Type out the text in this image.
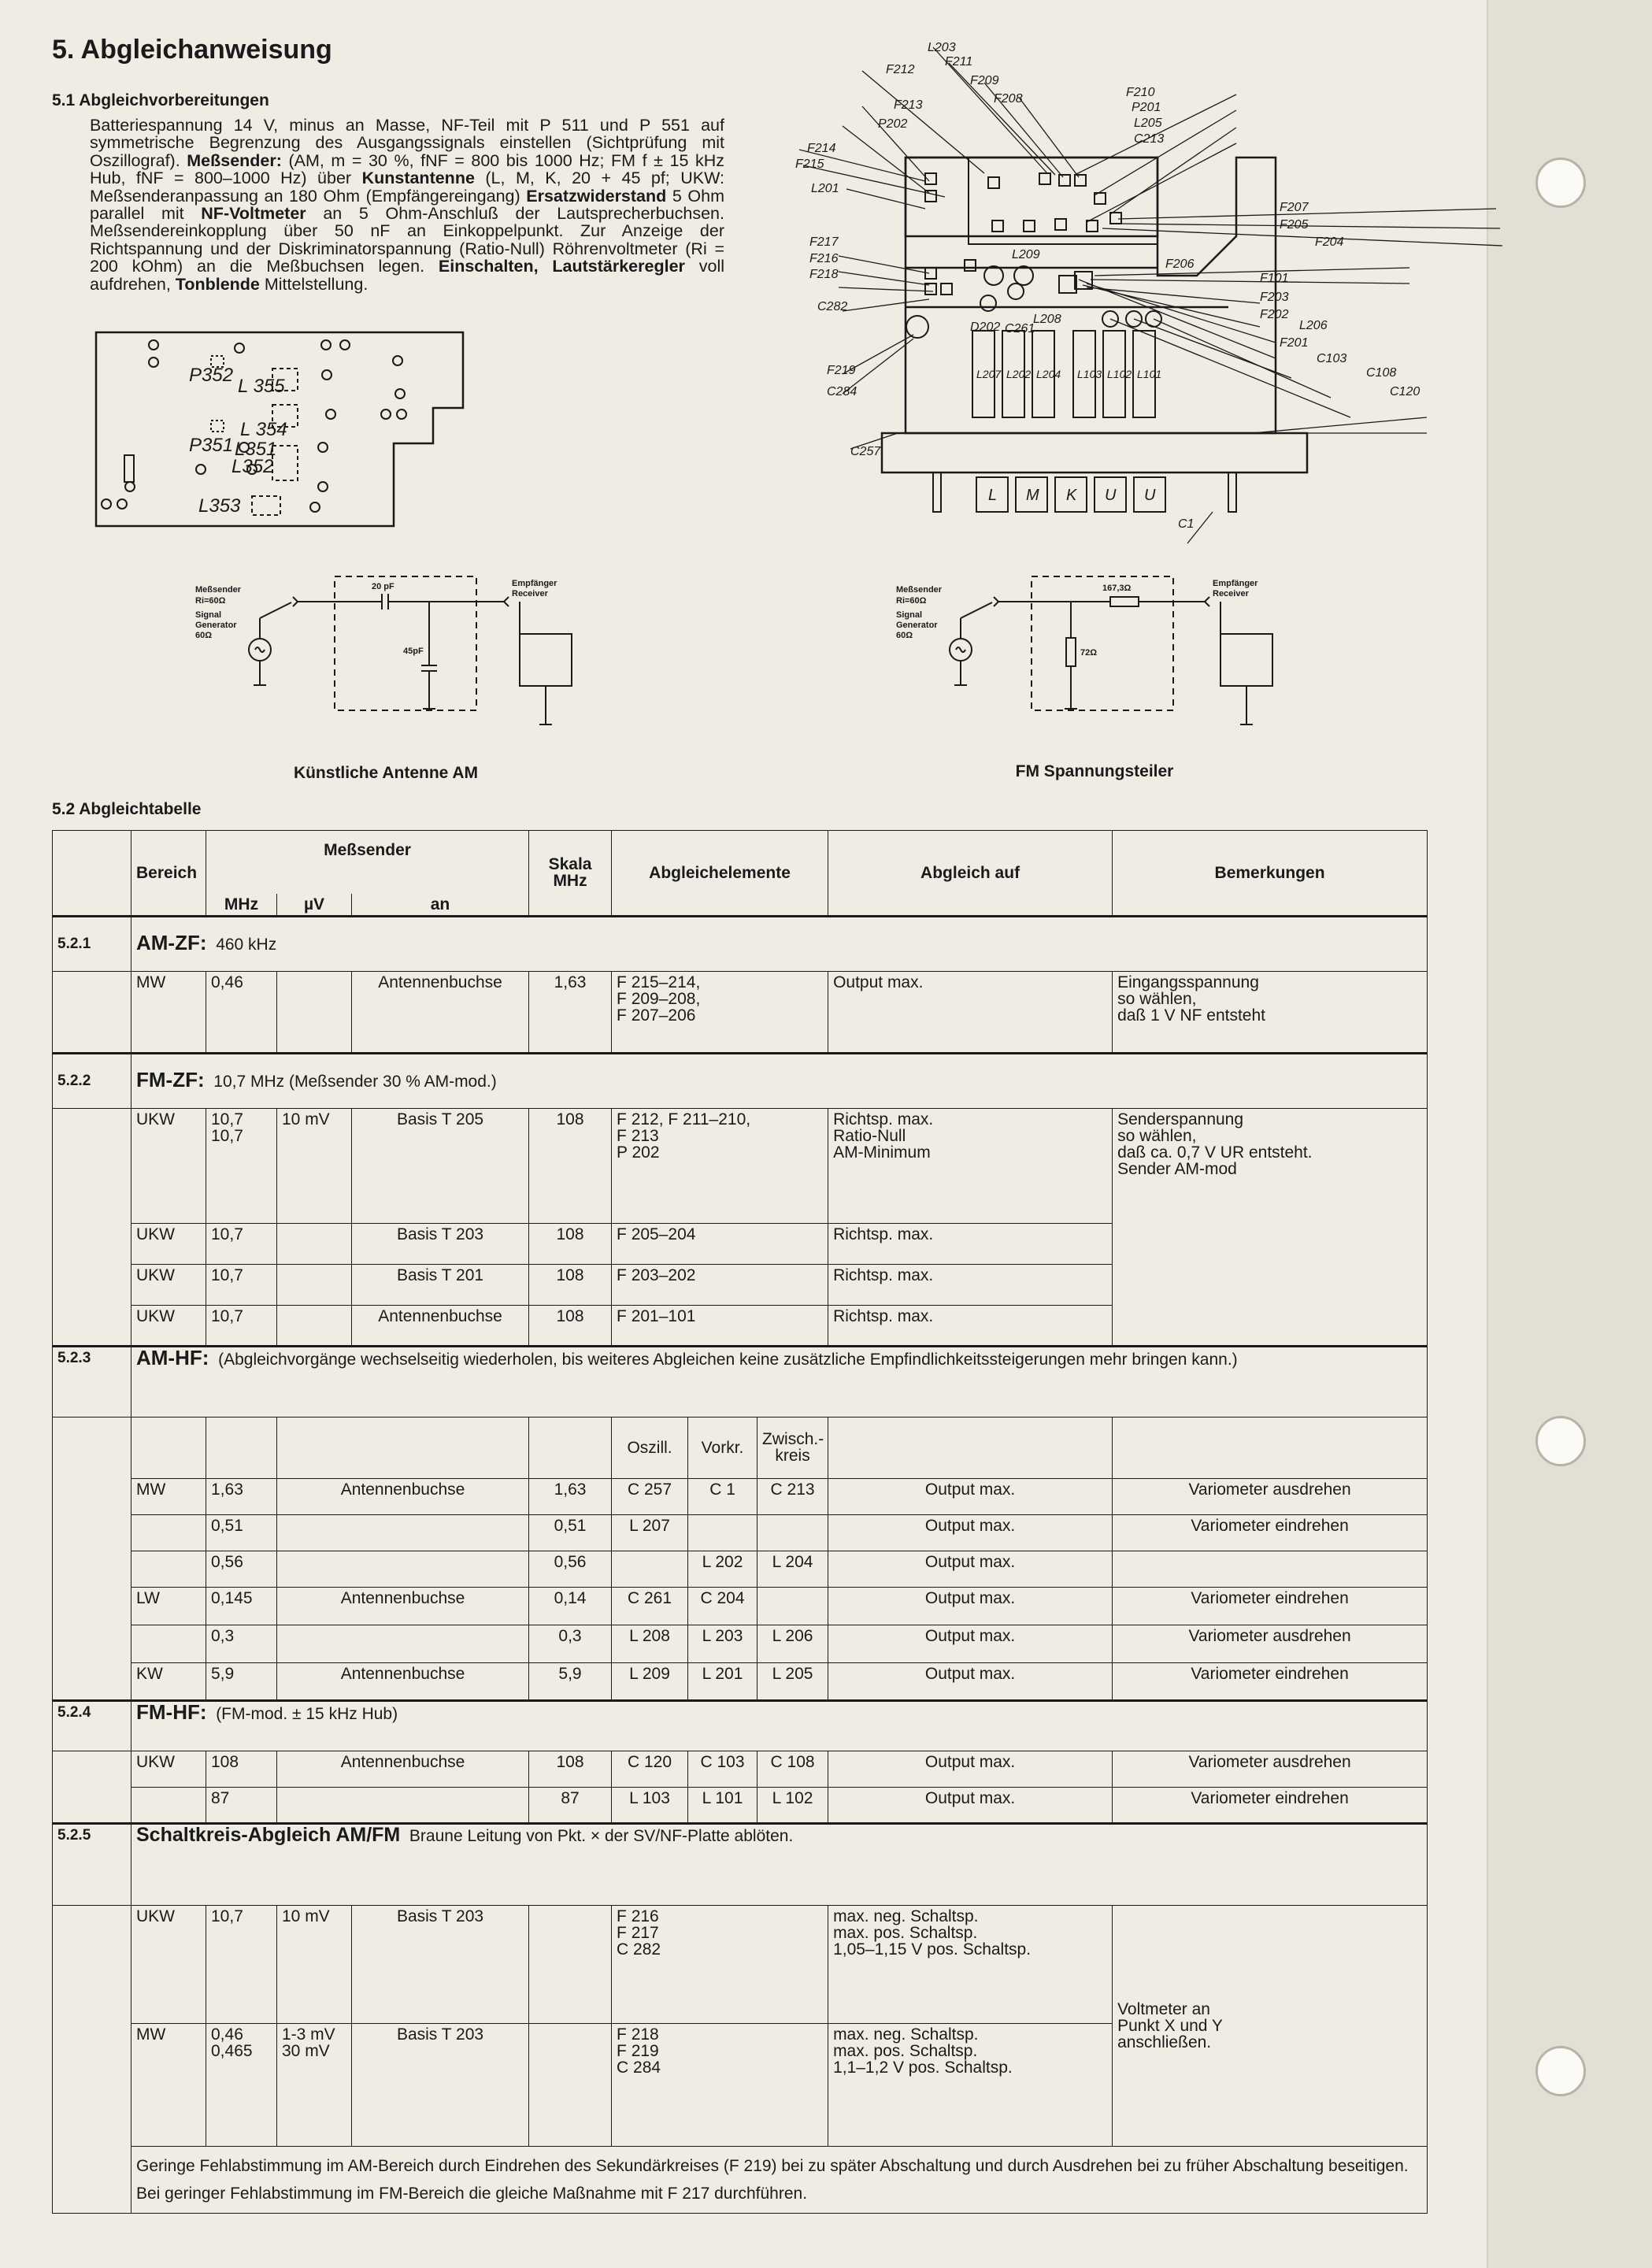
5. Abgleichanweisung

5.1 Abgleichvorbereitungen

Batteriespannung 14 V, minus an Masse, NF-Teil mit P 511 und P 551 auf symmetrische Begrenzung des Ausgangssignals einstellen (Sichtprüfung mit Oszillograf). Meßsender: (AM, m = 30 %, fNF = 800 bis 1000 Hz; FM f ± 15 kHz Hub, fNF = 800–1000 Hz) über Kunstantenne (L, M, K, 20 + 45 pf; UKW: Meßsenderanpassung an 180 Ohm (Empfängereingang) Ersatzwiderstand 5 Ohm parallel mit NF-Voltmeter an 5 Ohm-Anschluß der Lautsprecherbuchsen. Meßsendereinkopplung über 50 nF an Einkoppelpunkt. Zur Anzeige der Richtspannung und der Diskriminatorspannung (Ratio-Null) Röhrenvoltmeter (Ri = 200 kOhm) an die Meßbuchsen legen. Einschalten, Lautstärkeregler voll aufdrehen, Tonblende Mittelstellung.

P352
L 355
L 354
P351 L351
L352
L353
F212
F213
P202
F214
F215
L201
F217
F216
F218
C282
F219
C284
C257
L203
F211
F209
F208	F210
P201
L205
C213
F207
F205
F204
F206
F101
F203
F202
L206
F201
C103
C108
C120
L209
D202 C261
L208
L207 L202 L204 L103 L102 L101
L M K U U
C1
Meßsender
Ri=60Ω
Signal
Generator
60Ω
20 pF
45pF
Empfänger
Receiver
Künstliche Antenne AM
Meßsender
Ri=60Ω
Signal
Generator
60Ω
167,3Ω
72Ω
Empfänger
Receiver
FM Spannungsteiler

5.2 Abgleichtabelle

	Bereich	Meßsender			Skala MHz	Abgleichelemente			Abgleich auf	Bemerkungen
		MHz	µV	an						
5.2.1	AM-ZF: 460 kHz									
	MW	0,46		Antennenbuchse	1,63	F 215–214,
F 209–208,
F 207–206			Output max.	Eingangsspannung
so wählen,
daß 1 V NF entsteht
5.2.2	FM-ZF: 10,7 MHz (Meßsender 30 % AM-mod.)									
	UKW	10,7
10,7	10 mV	Basis T 205	108	F 212, F 211–210,
F 213
P 202			Richtsp. max.
Ratio-Null
AM-Minimum	Senderspannung
so wählen,
daß ca. 0,7 V UR entsteht.
Sender AM-mod
	UKW	10,7		Basis T 203	108	F 205–204			Richtsp. max.	
	UKW	10,7		Basis T 201	108	F 203–202			Richtsp. max.	
	UKW	10,7		Antennenbuchse	108	F 201–101			Richtsp. max.	
5.2.3	AM-HF: (Abgleichvorgänge wechselseitig wiederholen, bis weiteres Abgleichen keine zusätzliche Empfindlichkeitssteigerungen mehr bringen kann.)									
						Oszill.	Vorkr.	Zwisch.-
kreis		
	MW	1,63	Antennenbuchse		1,63	C 257	C 1	C 213	Output max.	Variometer ausdrehen
		0,51			0,51	L 207			Output max.	Variometer eindrehen
		0,56			0,56		L 202	L 204	Output max.	
	LW	0,145	Antennenbuchse		0,14	C 261	C 204		Output max.	Variometer eindrehen
		0,3			0,3	L 208	L 203	L 206	Output max.	Variometer ausdrehen
	KW	5,9	Antennenbuchse		5,9	L 209	L 201	L 205	Output max.	Variometer eindrehen
5.2.4	FM-HF: (FM-mod. ± 15 kHz Hub)									
	UKW	108	Antennenbuchse		108	C 120	C 103	C 108	Output max.	Variometer ausdrehen
		87			87	L 103	L 101	L 102	Output max.	Variometer eindrehen
5.2.5	Schaltkreis-Abgleich AM/FM Braune Leitung von Pkt. × der SV/NF-Platte ablöten.									
	UKW	10,7	10 mV	Basis T 203		F 216
F 217
C 282			max. neg. Schaltsp.
max. pos. Schaltsp.
1,05–1,15 V pos. Schaltsp.	Voltmeter an
Punkt X und Y
anschließen.
	MW	0,46
0,465	1-3 mV
30 mV	Basis T 203		F 218
F 219
C 284			max. neg. Schaltsp.
max. pos. Schaltsp.
1,1–1,2 V pos. Schaltsp.	

	Geringe Fehlabstimmung im AM-Bereich durch Eindrehen des Sekundärkreises (F 219) bei zu später Abschaltung und durch Ausdrehen bei zu früher Abschaltung beseitigen.
Bei geringer Fehlabstimmung im FM-Bereich die gleiche Maßnahme mit F 217 durchführen.									
